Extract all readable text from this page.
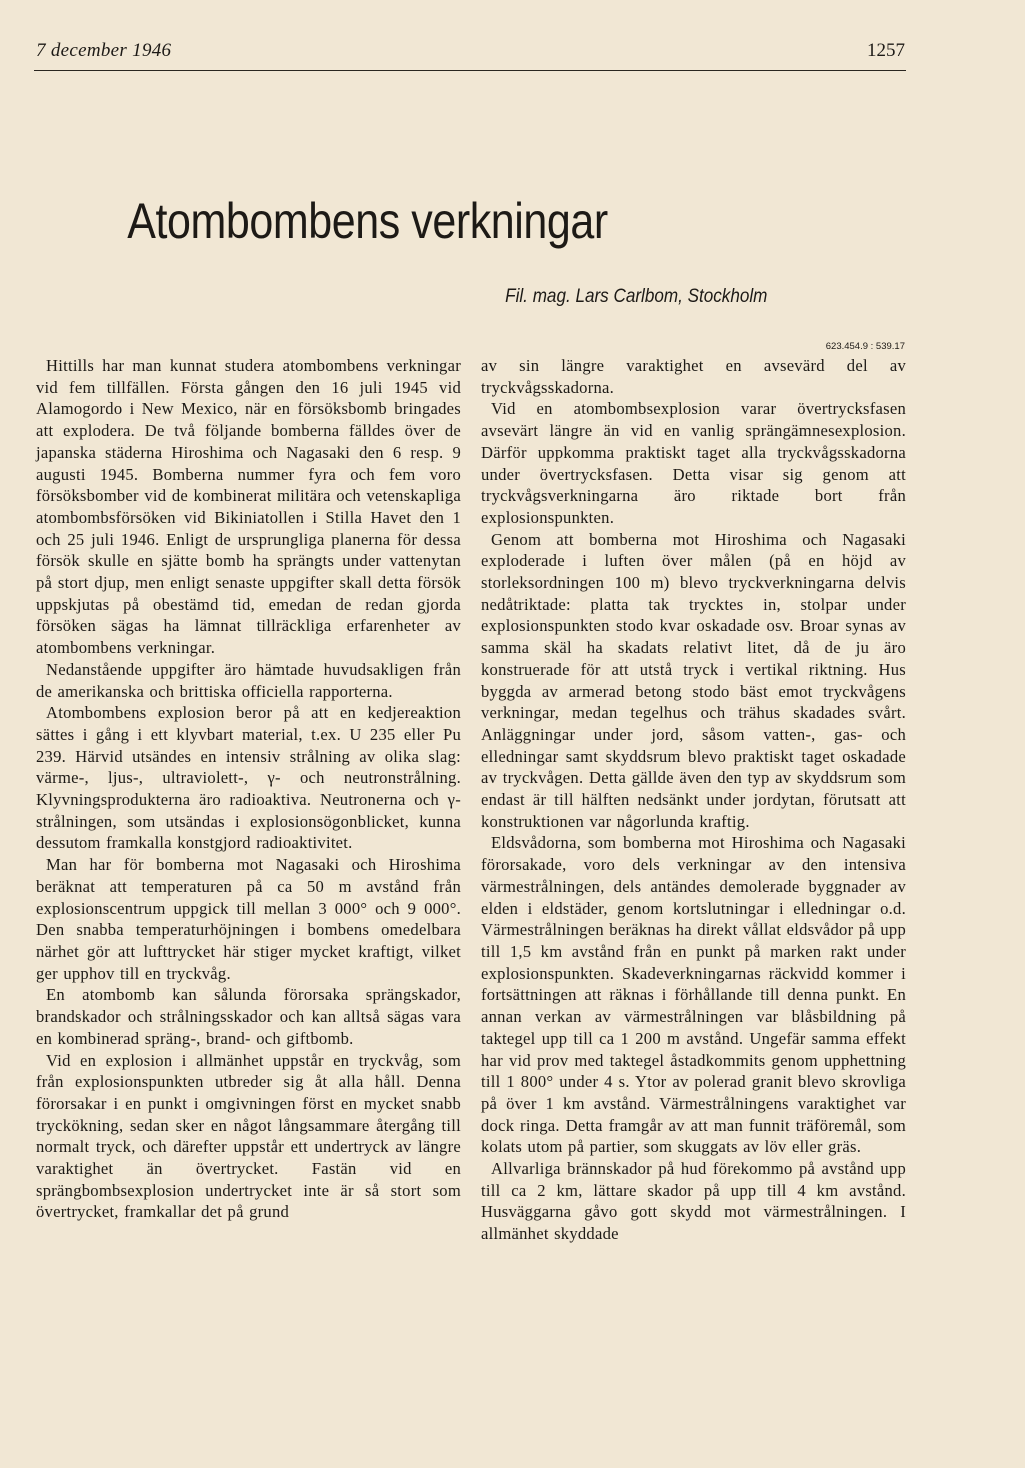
7 december 1946	1257
Atombombens verkningar
Fil. mag. Lars Carlbom, Stockholm
623.454.9 : 539.17

Hittills har man kunnat studera atombombens verkningar vid fem tillfällen. Första gången den 16 juli 1945 vid Alamogordo i New Mexico, när en försöksbomb bringades att explodera. De två följande bomberna fälldes över de japanska städerna Hiroshima och Nagasaki den 6 resp. 9 augusti 1945. Bomberna nummer fyra och fem voro försöksbomber vid de kombinerat militära och vetenskapliga atombombsförsöken vid Bikiniatollen i Stilla Havet den 1 och 25 juli 1946. Enligt de ursprungliga planerna för dessa försök skulle en sjätte bomb ha sprängts under vattenytan på stort djup, men enligt senaste uppgifter skall detta försök uppskjutas på obestämd tid, emedan de redan gjorda försöken sägas ha lämnat tillräckliga erfarenheter av atombombens verkningar.

Nedanstående uppgifter äro hämtade huvudsakligen från de amerikanska och brittiska officiella rapporterna.

Atombombens explosion beror på att en kedjereaktion sättes i gång i ett klyvbart material, t.ex. U 235 eller Pu 239. Härvid utsändes en intensiv strålning av olika slag: värme-, ljus-, ultraviolett-, γ- och neutronstrålning. Klyvningsprodukterna äro radioaktiva. Neutronerna och γ-strålningen, som utsändas i explosionsögonblicket, kunna dessutom framkalla konstgjord radioaktivitet.

Man har för bomberna mot Nagasaki och Hiroshima beräknat att temperaturen på ca 50 m avstånd från explosionscentrum uppgick till mellan 3 000° och 9 000°. Den snabba temperaturhöjningen i bombens omedelbara närhet gör att lufttrycket här stiger mycket kraftigt, vilket ger upphov till en tryckvåg.

En atombomb kan sålunda förorsaka sprängskador, brandskador och strålningsskador och kan alltså sägas vara en kombinerad spräng-, brand- och giftbomb.

Vid en explosion i allmänhet uppstår en tryckvåg, som från explosionspunkten utbreder sig åt alla håll. Denna förorsakar i en punkt i omgivningen först en mycket snabb tryckökning, sedan sker en något långsammare återgång till normalt tryck, och därefter uppstår ett undertryck av längre varaktighet än övertrycket. Fastän vid en sprängbombsexplosion undertrycket inte är så stort som övertrycket, framkallar det på grund

av sin längre varaktighet en avsevärd del av tryckvågsskadorna.

Vid en atombombsexplosion varar övertrycksfasen avsevärt längre än vid en vanlig sprängämnesexplosion. Därför uppkomma praktiskt taget alla tryckvågsskadorna under övertrycksfasen. Detta visar sig genom att tryckvågsverkningarna äro riktade bort från explosionspunkten.

Genom att bomberna mot Hiroshima och Nagasaki exploderade i luften över målen (på en höjd av storleksordningen 100 m) blevo tryckverkningarna delvis nedåtriktade: platta tak trycktes in, stolpar under explosionspunkten stodo kvar oskadade osv. Broar synas av samma skäl ha skadats relativt litet, då de ju äro konstruerade för att utstå tryck i vertikal riktning. Hus byggda av armerad betong stodo bäst emot tryckvågens verkningar, medan tegelhus och trähus skadades svårt. Anläggningar under jord, såsom vatten-, gas- och elledningar samt skyddsrum blevo praktiskt taget oskadade av tryckvågen. Detta gällde även den typ av skyddsrum som endast är till hälften nedsänkt under jordytan, förutsatt att konstruktionen var någorlunda kraftig.

Eldsvådorna, som bomberna mot Hiroshima och Nagasaki förorsakade, voro dels verkningar av den intensiva värmestrålningen, dels antändes demolerade byggnader av elden i eldstäder, genom kortslutningar i elledningar o.d. Värmestrålningen beräknas ha direkt vållat eldsvådor på upp till 1,5 km avstånd från en punkt på marken rakt under explosionspunkten. Skadeverkningarnas räckvidd kommer i fortsättningen att räknas i förhållande till denna punkt. En annan verkan av värmestrålningen var blåsbildning på taktegel upp till ca 1 200 m avstånd. Ungefär samma effekt har vid prov med taktegel åstadkommits genom upphettning till 1 800° under 4 s. Ytor av polerad granit blevo skrovliga på över 1 km avstånd. Värmestrålningens varaktighet var dock ringa. Detta framgår av att man funnit träföremål, som kolats utom på partier, som skuggats av löv eller gräs.

Allvarliga brännskador på hud förekommo på avstånd upp till ca 2 km, lättare skador på upp till 4 km avstånd. Husväggarna gåvo gott skydd mot värmestrålningen. I allmänhet skyddade
